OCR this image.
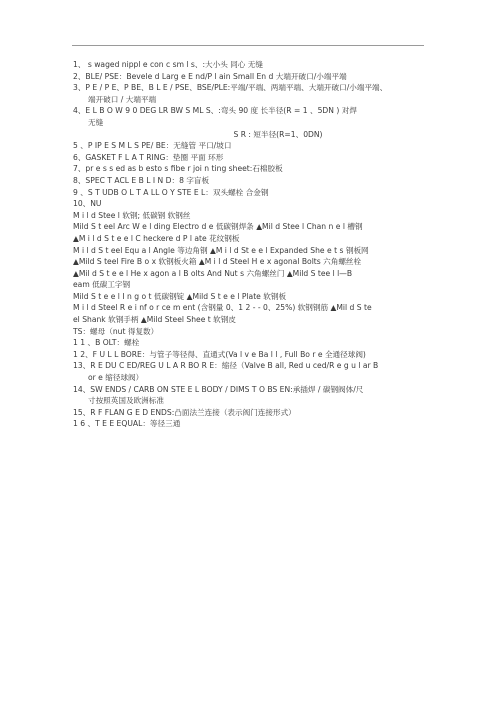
1、 s waged nippl e con c sm l s、:大小头 同心 无缝
2、BLE/ PSE：Bevele d Larg e E nd/P l ain Small En d 大端开破口/小端平端
3、P E / P E、P BE、B L E / PSE、BSE/PLE:平端/平端、两端平端、大端开破口/小端平端、
端开破口 / 大端平端
4、E L B O W 9 0 DEG LR BW S ML S、:弯头 90 度 长半径(R = 1 、5DN ) 对焊
无缝
S R : 短半径(R=1、0DN)
5 、P IP E S M L S PE/ BE：无缝管 平口/坡口
6、GASKET F L A T RING：垫圈 平面 环形
7、pr e s s ed as b esto s fibe r joi n ting sheet:石棉胶板
8、SPEC T ACL E B L I N D：8 字盲板
9 、S T UDB O L T A LL O Y STE E L：双头螺栓 合金钢
10、NU
M i l d Stee l 软钢; 低碳钢 软钢丝
Mild S t eel Arc W e l ding Electro d e 低碳钢焊条 ▲Mil d Stee l Chan n e l 槽钢
▲M i l d S t e e l C heckere d P l ate 花纹钢板
M i l d S t eel Equ a l Angle 等边角钢 ▲M i l d St e e l Expanded She e t s 钢板网
▲Mild S teel Fire B o x 软钢板火箱 ▲M i l d Steel H e x agonal Bolts 六角螺丝栓
▲Mil d S t e e l He x agon a l B olts And Nut s 六角螺丝门 ▲Mild S tee l l—B
eam 低碳工字钢
Mild S t e e l I n g o t 低碳钢锭 ▲Mild S t e e l Plate 软钢板
M i l d Steel R e i nf o r ce m ent (含钢量 0、1 2 - - 0、25%) 软钢钢筋 ▲Mil d S te
el Shank 软钢手柄 ▲Mild Steel Shee t 软钢皮
TS：螺母（nut 得复数）
1 1 、B OLT：螺栓
1 2、F U L L BORE：与管子等径得、直通式(Va l v e Ba l l , Full Bo r e 全通径球阀)
13、R E DU C ED/REG U L A R BO R E：缩径（Valve B all, Red u ced/R e g u l ar B
or e 缩径球阀）
14、SW ENDS / CARB ON STE E L BODY / DIMS T O BS EN:承插焊 / 碳钢阀体/尺
寸按照英国及欧洲标准
15、R F FLAN G E D ENDS:凸面法兰连接（表示阀门连接形式）
1 6 、T E E EQUAL：等径三通
